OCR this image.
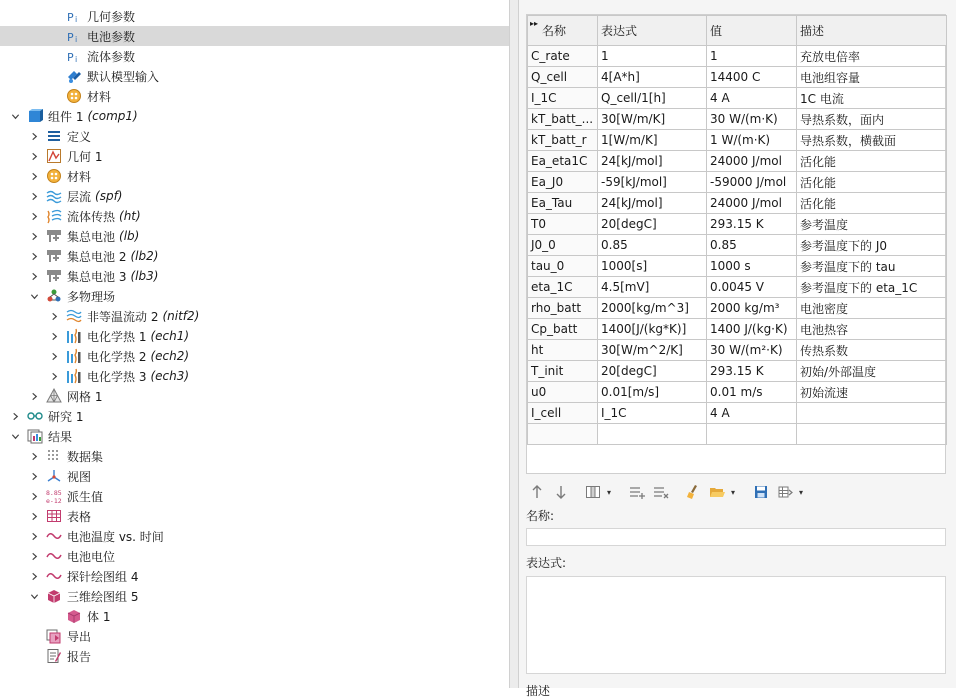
P i 几何参数
P i 电池参数
P i 流体参数
默认模型输入
材料
组件 1 (comp1)
定义
几何 1
材料
层流 (spf)
流体传热 (ht)
集总电池 (lb)
集总电池 2 (lb2)
集总电池 3 (lb3)
多物理场
非等温流动 2 (nitf2)
电化学热 1 (ech1)
电化学热 2 (ech2)
电化学热 3 (ech3)
网格 1
研究 1
结果
数据集
视图
8.85
e-12 派生值
表格
电池温度 vs. 时间
电池电位
探针绘图组 4
三维绘图组 5
体 1
导出
报告
▸▸
名称	表达式	值	描述
C_rate	1	1	充放电倍率
Q_cell	4[A*h]	14400 C	电池组容量
I_1C	Q_cell/1[h]	4 A	1C 电流
kT_batt_...	30[W/m/K]	30 W/(m·K)	导热系数，面内
kT_batt_r	1[W/m/K]	1 W/(m·K)	导热系数，横截面
Ea_eta1C	24[kJ/mol]	24000 J/mol	活化能
Ea_J0	-59[kJ/mol]	-59000 J/mol	活化能
Ea_Tau	24[kJ/mol]	24000 J/mol	活化能
T0	20[degC]	293.15 K	参考温度
J0_0	0.85	0.85	参考温度下的 J0
tau_0	1000[s]	1000 s	参考温度下的 tau
eta_1C	4.5[mV]	0.0045 V	参考温度下的 eta_1C
rho_batt	2000[kg/m^3]	2000 kg/m³	电池密度
Cp_batt	1400[J/(kg*K)]	1400 J/(kg·K)	电池热容
ht	30[W/m^2/K]	30 W/(m²·K)	传热系数
T_init	20[degC]	293.15 K	初始/外部温度
u0	0.01[m/s]	0.01 m/s	初始流速
I_cell	I_1C	4 A	

▾	▾	▾
名称:
表达式:
描述
